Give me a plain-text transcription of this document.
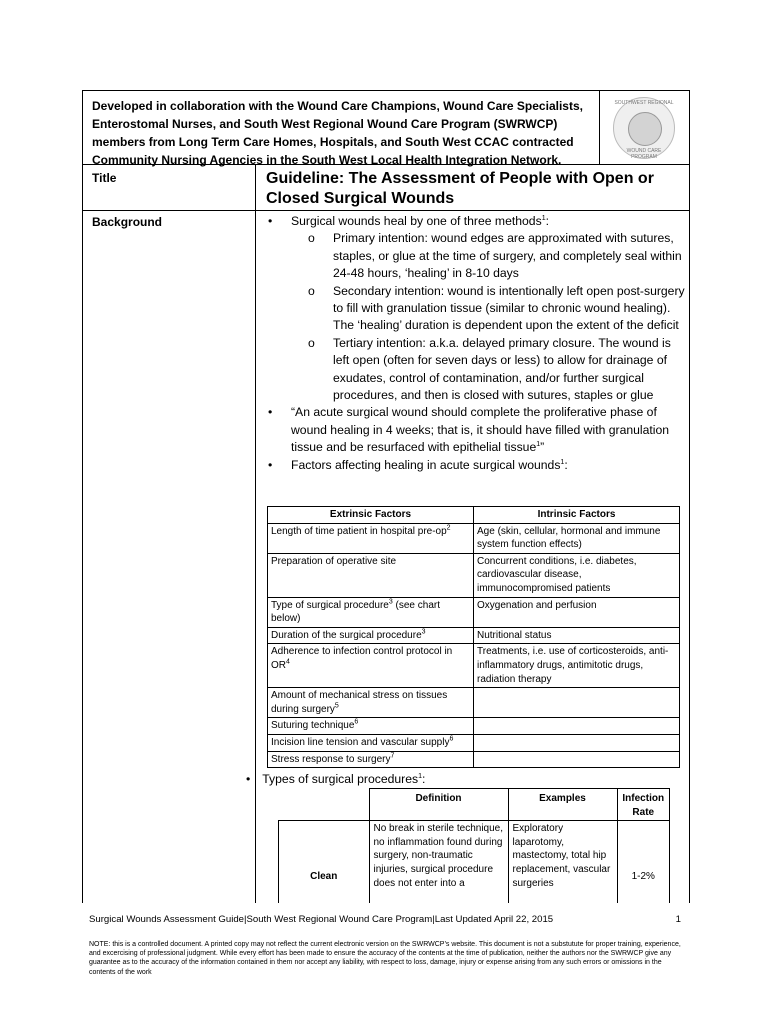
Developed in collaboration with the Wound Care Champions, Wound Care Specialists, Enterostomal Nurses, and South West Regional Wound Care Program (SWRWCP) members from Long Term Care Homes, Hospitals, and South West CCAC contracted Community Nursing Agencies in the South West Local Health Integration Network.
SOUTHWEST REGIONAL
WOUND CARE PROGRAM
Title	Guideline: The Assessment of People with Open or Closed Surgical Wounds
Background	• Surgical wounds heal by one of three methods$^1$:
o Primary intention: wound edges are approximated with sutures, staples, or glue at the time of surgery, and completely seal within 24-48 hours, ‘healing’ in 8-10 days
o Secondary intention: wound is intentionally left open post-surgery to fill with granulation tissue (similar to chronic wound healing). The ‘healing’ duration is dependent upon the extent of the deficit
o Tertiary intention: a.k.a. delayed primary closure. The wound is left open (often for seven days or less) to allow for drainage of exudates, control of contamination, and/or further surgical procedures, and then is closed with sutures, staples or glue
• “An acute surgical wound should complete the proliferative phase of wound healing in 4 weeks; that is, it should have filled with granulation tissue and be resurfaced with epithelial tissue$^1$”
• Factors affecting healing in acute surgical wounds$^1$:
Extrinsic Factors	Intrinsic Factors
Length of time patient in hospital pre-$op^2$	Age (skin, cellular, hormonal and immune system function effects)
Preparation of operative site	Concurrent conditions, i.e. diabetes, cardiovascular disease, immunocompromised patients
Type of surgical procedure$^3$ (see chart below)	Oxygenation and perfusion
Duration of the surgical procedure$^3$	Nutritional status
Adherence to infection control protocol in $OR^4$	Treatments, i.e. use of corticosteroids, anti-inflammatory drugs, antimitotic drugs, radiation therapy
Amount of mechanical stress on tissues during surgery$^5$	
Suturing technique$^6$	
Incision line tension and vascular supply$^6$	
Stress response to surgery$^7$	
• Types of surgical procedures$^1$:
	Definition	Examples	Infection Rate
Clean	No break in sterile technique, no inflammation found during surgery, non-traumatic injuries, surgical procedure does not enter into a	Exploratory laparotomy, mastectomy, total hip replacement, vascular surgeries	1-2%
Surgical Wounds Assessment Guide|South West Regional Wound Care Program|Last Updated April 22, 2015	1
NOTE: this is a controlled document. A printed copy may not reflect the current electronic version on the SWRWCP’s website. This document is not a substutute for proper training, experience, and excercising of professional judgment. While every effort has been made to ensure the accuracy of the contents at the time of publication, neither the authors nor the SWRWCP give any guarantee as to the accuracy of the information contained in them nor accept any liability, with respect to loss, damage, injury or expense arising from any such errors or omissions in the contents of the work
